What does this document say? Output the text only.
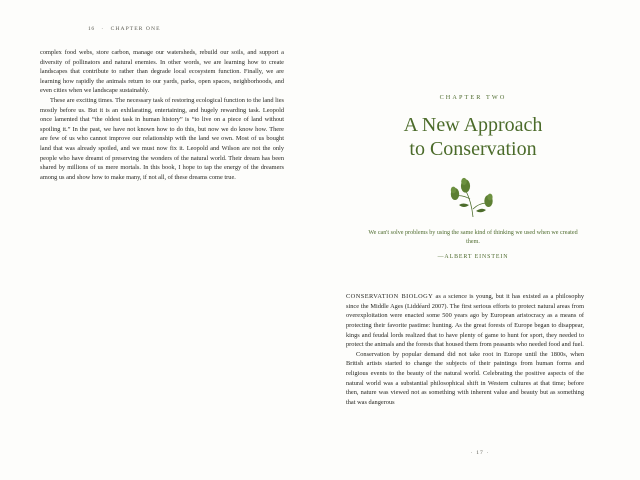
16 · CHAPTER ONE

complex food webs, store carbon, manage our watersheds, rebuild our soils, and support a diversity of pollinators and natural enemies. In other words, we are learning how to create landscapes that contribute to rather than degrade local ecosystem function. Finally, we are learning how rapidly the animals return to our yards, parks, open spaces, neighborhoods, and even cities when we landscape sustainably.

These are exciting times. The necessary task of restoring ecological function to the land lies mostly before us. But it is an exhilarating, entertaining, and hugely rewarding task. Leopold once lamented that “the oldest task in human history” is “to live on a piece of land without spoiling it.” In the past, we have not known how to do this, but now we do know how. There are few of us who cannot improve our relationship with the land we own. Most of us bought land that was already spoiled, and we must now fix it. Leopold and Wilson are not the only people who have dreamt of preserving the wonders of the natural world. Their dream has been shared by millions of us mere mortals. In this book, I hope to tap the energy of the dreamers among us and show how to make many, if not all, of these dreams come true.

CHAPTER TWO
A New Approach
to Conservation
We can't solve problems by using the same kind of thinking we used when we created them.
—ALBERT EINSTEIN

CONSERVATION BIOLOGY as a science is young, but it has existed as a philosophy since the Middle Ages (Liddéard 2007). The first serious efforts to protect natural areas from overexploitation were enacted some 500 years ago by European aristocracy as a means of protecting their favorite pastime: hunting. As the great forests of Europe began to disappear, kings and feudal lords realized that to have plenty of game to hunt for sport, they needed to protect the animals and the forests that housed them from peasants who needed food and fuel.

Conservation by popular demand did not take root in Europe until the 1800s, when British artists started to change the subjects of their paintings from human forms and religious events to the beauty of the natural world. Celebrating the positive aspects of the natural world was a substantial philosophical shift in Western cultures at that time; before then, nature was viewed not as something with inherent value and beauty but as something that was dangerous

· 17 ·
